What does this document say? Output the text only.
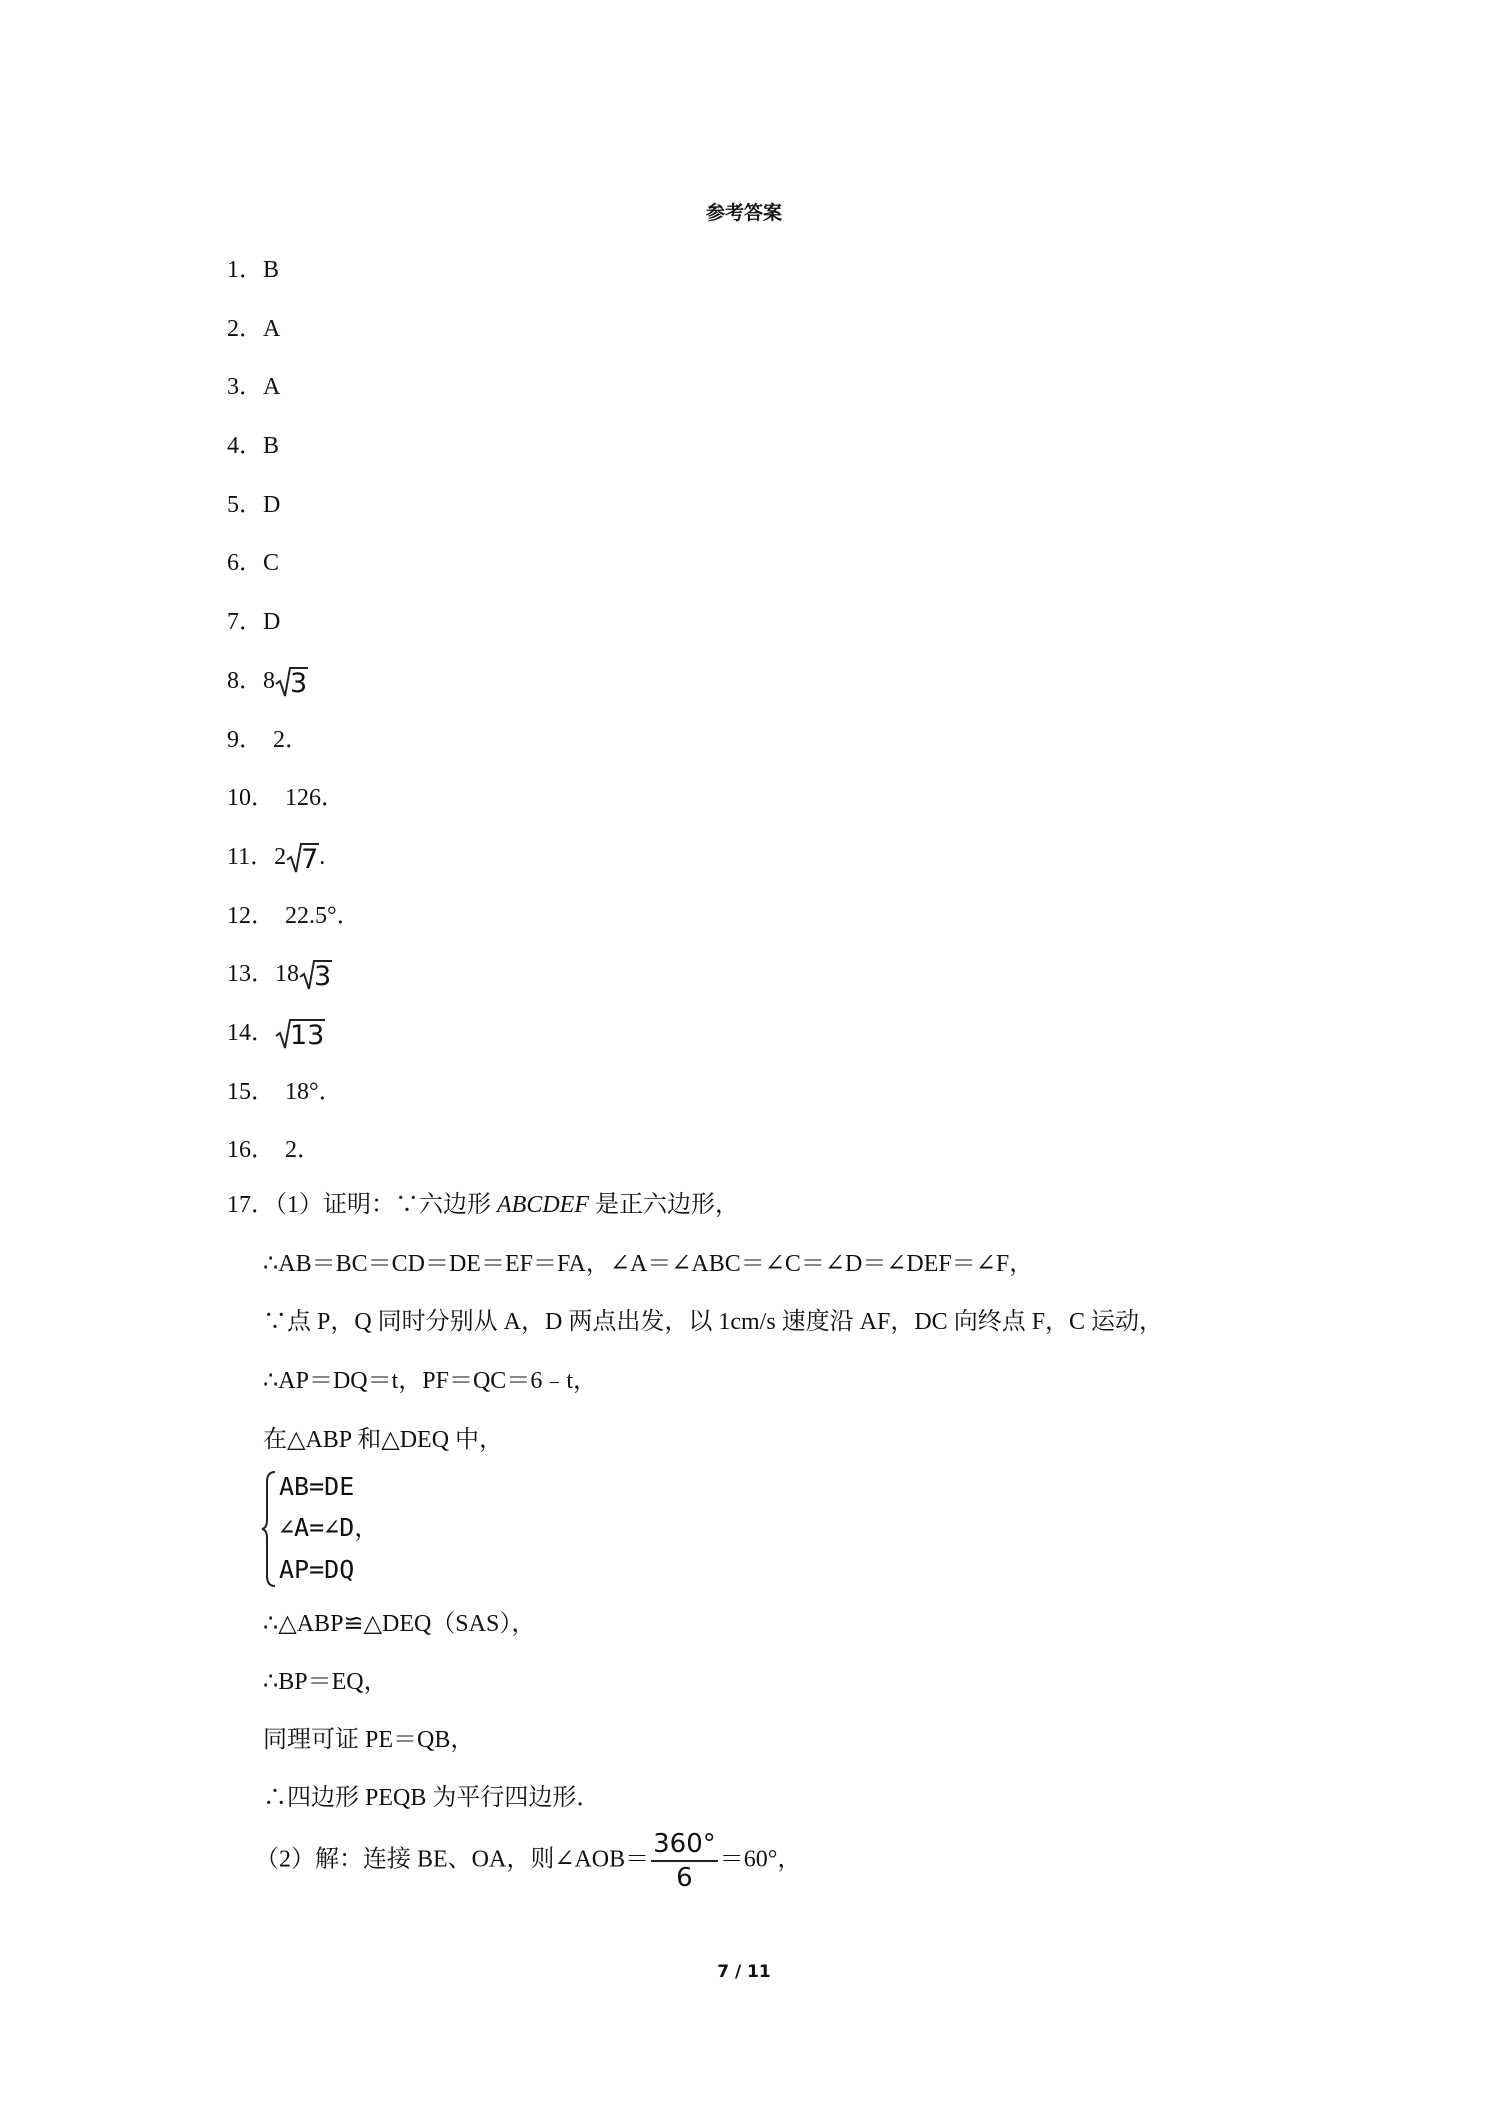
参考答案
1．B
2．A
3．A
4．B
5．D
6．C
7．D
8．8 3
9． 2．
10． 126．
11．2 7.
12． 22.5°．
13．18 3
14． 13
15． 18°．
16． 2．
17．（1）证明：∵六边形 ABCDEF 是正六边形，
∴AB＝BC＝CD＝DE＝EF＝FA，∠A＝∠ABC＝∠C＝∠D＝∠DEF＝∠F，
∵点 P，Q 同时分别从 A，D 两点出发，以 1cm/s 速度沿 AF，DC 向终点 F，C 运动，
∴AP＝DQ＝t，PF＝QC＝6﹣t，
在△ABP 和△DEQ 中，
AB=DE
∠A=∠D，
AP=DQ
∴△ABP≌△DEQ（SAS），
∴BP＝EQ，
同理可证 PE＝QB，
∴四边形 PEQB 为平行四边形．
（2）解：连接 BE、OA，则∠AOB＝ $\frac{360^\circ}{6} =60^\circ$，
7 / 11
